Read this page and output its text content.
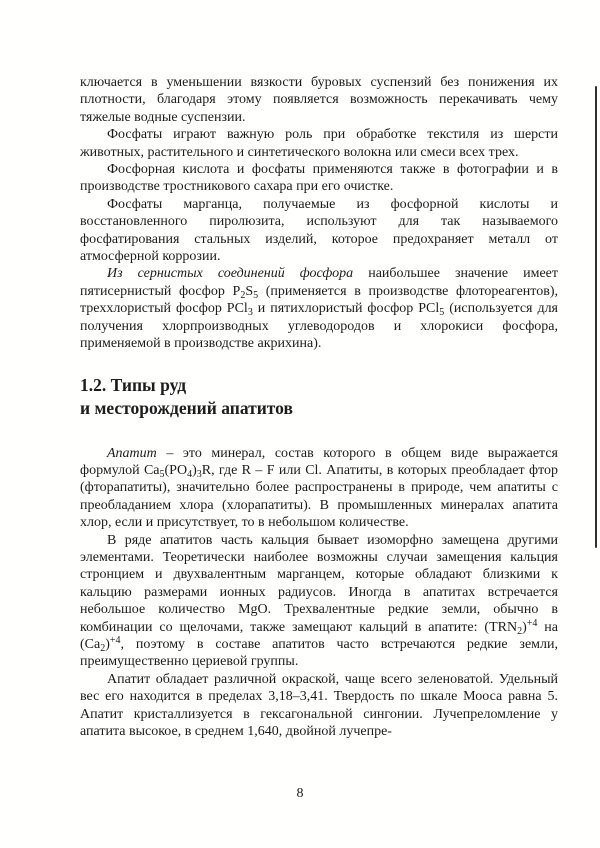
ключается в уменьшении вязкости буровых суспензий без понижения их плотности, благодаря этому появляется возможность перекачивать чему тяжелые водные суспензии.

Фосфаты играют важную роль при обработке текстиля из шерсти животных, растительного и синтетического волокна или смеси всех трех.

Фосфорная кислота и фосфаты применяются также в фотографии и в производстве тростникового сахара при его очистке.

Фосфаты марганца, получаемые из фосфорной кислоты и восстановленного пиролюзита, используют для так называемого фосфатирования стальных изделий, которое предохраняет металл от атмосферной коррозии.

Из сернистых соединений фосфора наибольшее значение имеет пятисернистый фосфор $P_2S_5$ (применяется в производстве флотореагентов), треххлористый фосфор PCl$_3$ и пятихлористый фосфор PCl$_5$ (используется для получения хлорпроизводных углеводородов и хлорокиси фосфора, применяемой в производстве акрихина).

1.2. Типы руд
и месторождений апатитов

Апатит – это минерал, состав которого в общем виде выражается формулой $Ca_5(PO_4)_3R$, где R – F или Cl. Апатиты, в которых преобладает фтор (фторапатиты), значительно более распространены в природе, чем апатиты с преобладанием хлора (хлорапатиты). В промышленных минералах апатита хлор, если и присутствует, то в небольшом количестве.

В ряде апатитов часть кальция бывает изоморфно замещена другими элементами. Теоретически наиболее возможны случаи замещения кальция стронцием и двухвалентным марганцем, которые обладают близкими к кальцию размерами ионных радиусов. Иногда в апатитах встречается небольшое количество MgO. Трехвалентные редкие земли, обычно в комбинации со щелочами, также замещают кальций в апатите: $(TRN_2)^{+4}$ на $(Ca_2)^{+4}$, поэтому в составе апатитов часто встречаются редкие земли, преимущественно цериевой группы.

Апатит обладает различной окраской, чаще всего зеленоватой. Удельный вес его находится в пределах 3,18–3,41. Твердость по шкале Мооса равна 5. Апатит кристаллизуется в гексагональной сингонии. Лучепреломление у апатита высокое, в среднем 1,640, двойной лучепре-

8
